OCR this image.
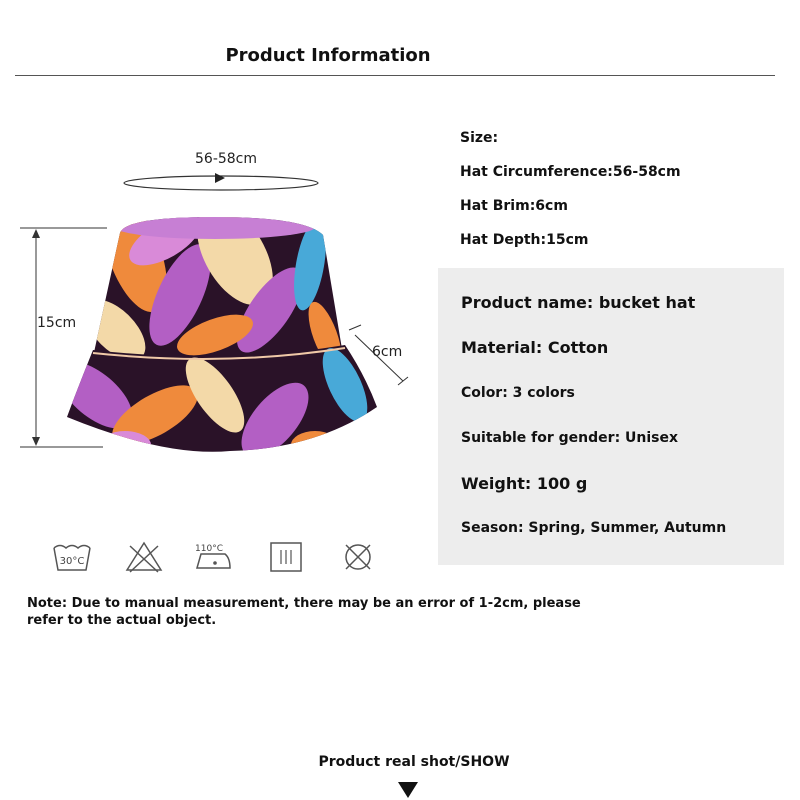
Product Information
56-58cm
15cm
6cm
Size:
Hat Circumference:56-58cm
Hat Brim:6cm
Hat Depth:15cm
Product name: bucket hat
Material: Cotton
Color: 3 colors
Suitable for gender: Unisex
Weight: 100 g
Season: Spring, Summer, Autumn
30°C
110°C
Note: Due to manual measurement, there may be an error of 1-2cm, please refer to the actual object.
Product real shot/SHOW
